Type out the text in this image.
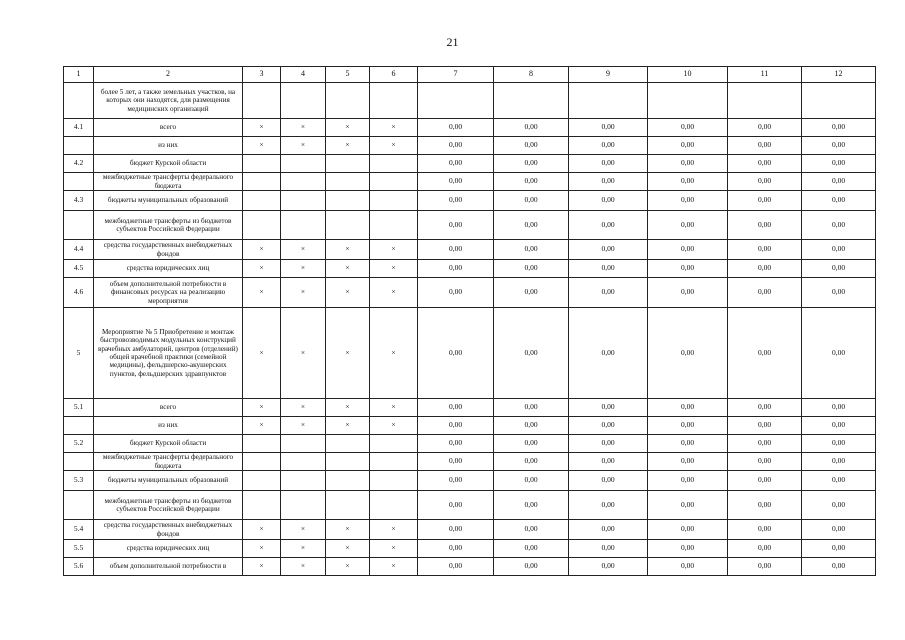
21
1	2	3	4	5	6	7	8	9	10	11	12
	более 5 лет, а также земельных участков, на которых они находятся, для размещения медицинских организаций										
4.1	всего	×	×	×	×	0,00	0,00	0,00	0,00	0,00	0,00
	из них	×	×	×	×	0,00	0,00	0,00	0,00	0,00	0,00
4.2	бюджет Курской области					0,00	0,00	0,00	0,00	0,00	0,00
	межбюджетные трансферты федерального бюджета					0,00	0,00	0,00	0,00	0,00	0,00
4.3	бюджеты муниципальных образований					0,00	0,00	0,00	0,00	0,00	0,00
	межбюджетные трансферты из бюджетов субъектов Российской Федерации					0,00	0,00	0,00	0,00	0,00	0,00
4.4	средства государственных внебюджетных фондов	×	×	×	×	0,00	0,00	0,00	0,00	0,00	0,00
4.5	средства юридических лиц	×	×	×	×	0,00	0,00	0,00	0,00	0,00	0,00
4.6	объем дополнительной потребности в финансовых ресурсах на реализацию мероприятия	×	×	×	×	0,00	0,00	0,00	0,00	0,00	0,00
5	Мероприятие № 5 Приобретение и монтаж быстровозводимых модульных конструкций врачебных амбулаторий, центров (отделений) общей врачебной практики (семейной медицины), фельдшерско-акушерских пунктов, фельдшерских здравпунктов	×	×	×	×	0,00	0,00	0,00	0,00	0,00	0,00
5.1	всего	×	×	×	×	0,00	0,00	0,00	0,00	0,00	0,00
	из них	×	×	×	×	0,00	0,00	0,00	0,00	0,00	0,00
5.2	бюджет Курской области					0,00	0,00	0,00	0,00	0,00	0,00
	межбюджетные трансферты федерального бюджета					0,00	0,00	0,00	0,00	0,00	0,00
5.3	бюджеты муниципальных образований					0,00	0,00	0,00	0,00	0,00	0,00
	межбюджетные трансферты из бюджетов субъектов Российской Федерации					0,00	0,00	0,00	0,00	0,00	0,00
5.4	средства государственных внебюджетных фондов	×	×	×	×	0,00	0,00	0,00	0,00	0,00	0,00
5.5	средства юридических лиц	×	×	×	×	0,00	0,00	0,00	0,00	0,00	0,00
5.6	объем дополнительной потребности в	×	×	×	×	0,00	0,00	0,00	0,00	0,00	0,00
